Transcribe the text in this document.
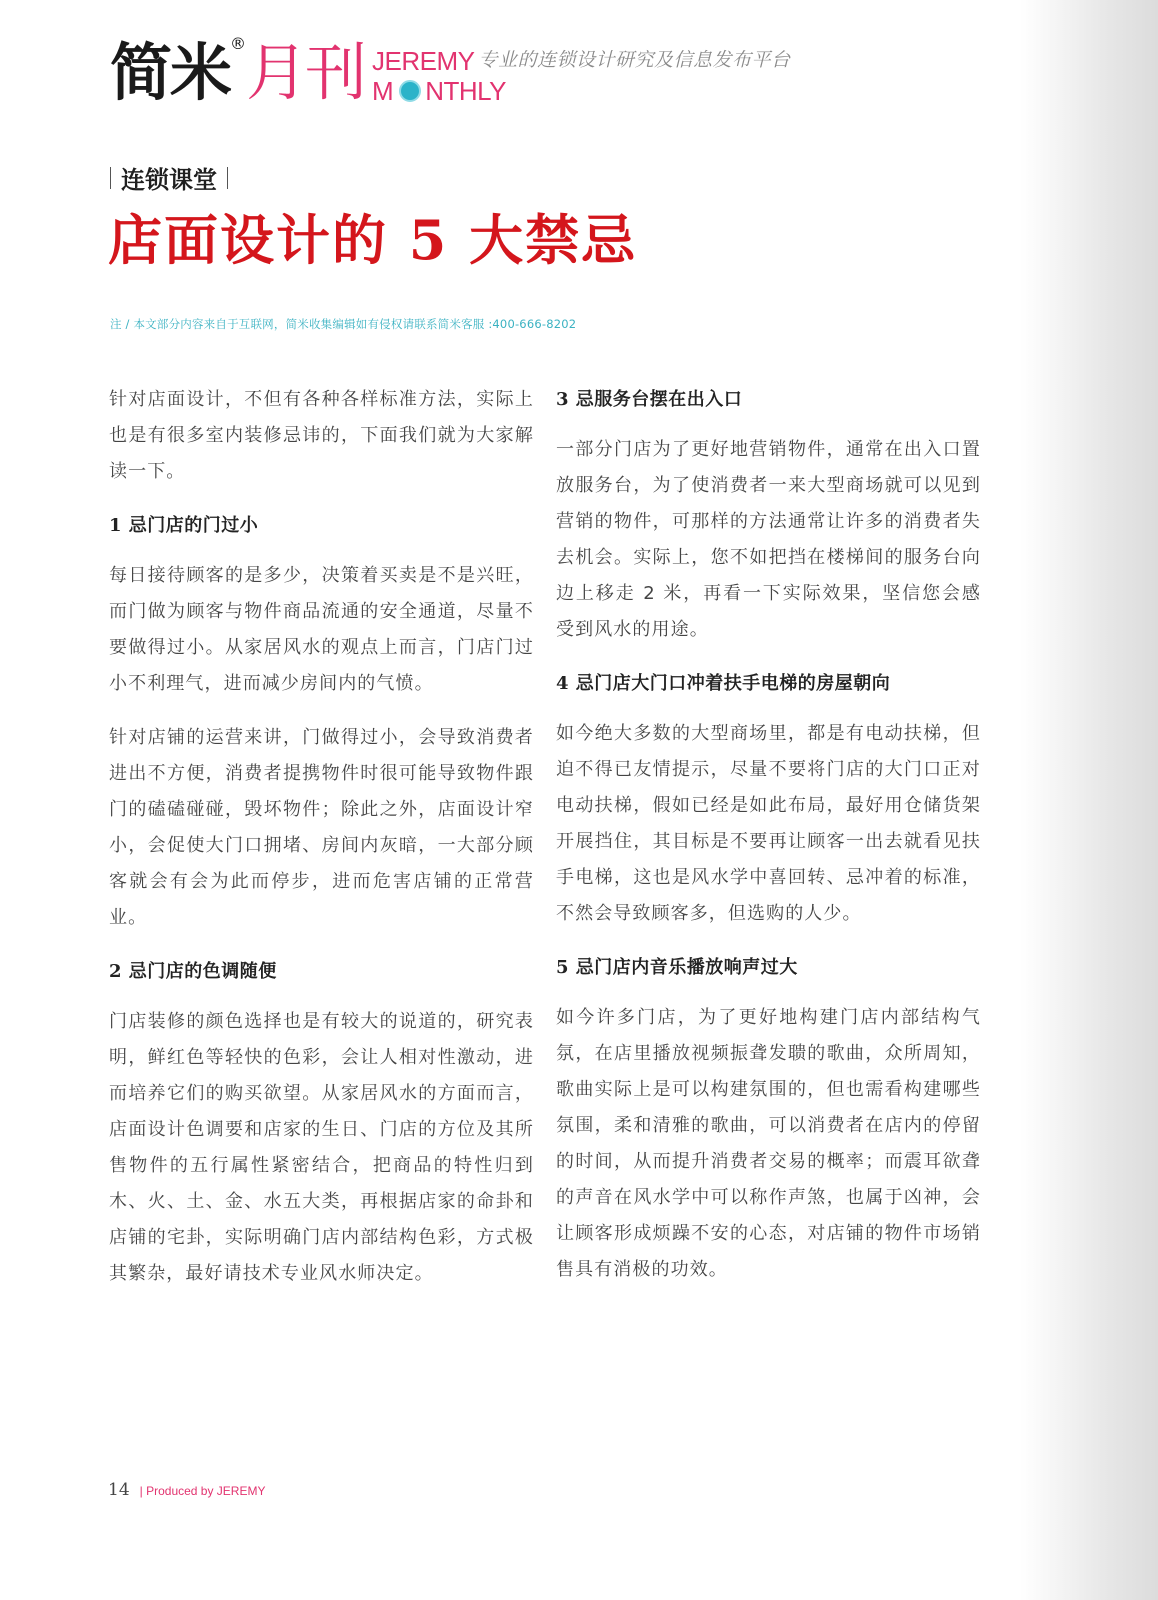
简米 ® 月刊 JEREMY 专业的连锁设计研究及信息发布平台
M NTHLY
连锁课堂
店面设计的 5 大禁忌
注 / 本文部分内容来自于互联网，简米收集编辑如有侵权请联系简米客服 :400-666-8202

针对店面设计，不但有各种各样标准方法，实际上也是有很多室内装修忌讳的，下面我们就为大家解读一下。

1 忌门店的门过小

每日接待顾客的是多少，决策着买卖是不是兴旺，而门做为顾客与物件商品流通的安全通道，尽量不要做得过小。从家居风水的观点上而言，门店门过小不利理气，进而减少房间内的气愤。

针对店铺的运营来讲，门做得过小，会导致消费者进出不方便，消费者提携物件时很可能导致物件跟门的磕磕碰碰，毁坏物件；除此之外，店面设计窄小，会促使大门口拥堵、房间内灰暗，一大部分顾客就会有会为此而停步，进而危害店铺的正常营业。

2 忌门店的色调随便

门店装修的颜色选择也是有较大的说道的，研究表明，鲜红色等轻快的色彩，会让人相对性激动，进而培养它们的购买欲望。从家居风水的方面而言，店面设计色调要和店家的生日、门店的方位及其所售物件的五行属性紧密结合，把商品的特性归到木、火、土、金、水五大类，再根据店家的命卦和店铺的宅卦，实际明确门店内部结构色彩，方式极其繁杂，最好请技术专业风水师决定。

3 忌服务台摆在出入口

一部分门店为了更好地营销物件，通常在出入口置放服务台，为了使消费者一来大型商场就可以见到营销的物件，可那样的方法通常让许多的消费者失去机会。实际上，您不如把挡在楼梯间的服务台向边上移走 2 米，再看一下实际效果，坚信您会感受到风水的用途。

4 忌门店大门口冲着扶手电梯的房屋朝向

如今绝大多数的大型商场里，都是有电动扶梯，但迫不得已友情提示，尽量不要将门店的大门口正对电动扶梯，假如已经是如此布局，最好用仓储货架开展挡住，其目标是不要再让顾客一出去就看见扶手电梯，这也是风水学中喜回转、忌冲着的标准，不然会导致顾客多，但选购的人少。

5 忌门店内音乐播放响声过大

如今许多门店，为了更好地构建门店内部结构气氛，在店里播放视频振聋发聩的歌曲，众所周知，歌曲实际上是可以构建氛围的，但也需看构建哪些氛围，柔和清雅的歌曲，可以消费者在店内的停留的时间，从而提升消费者交易的概率；而震耳欲聋的声音在风水学中可以称作声煞，也属于凶神，会让顾客形成烦躁不安的心态，对店铺的物件市场销售具有消极的功效。

14 | Produced by JEREMY
